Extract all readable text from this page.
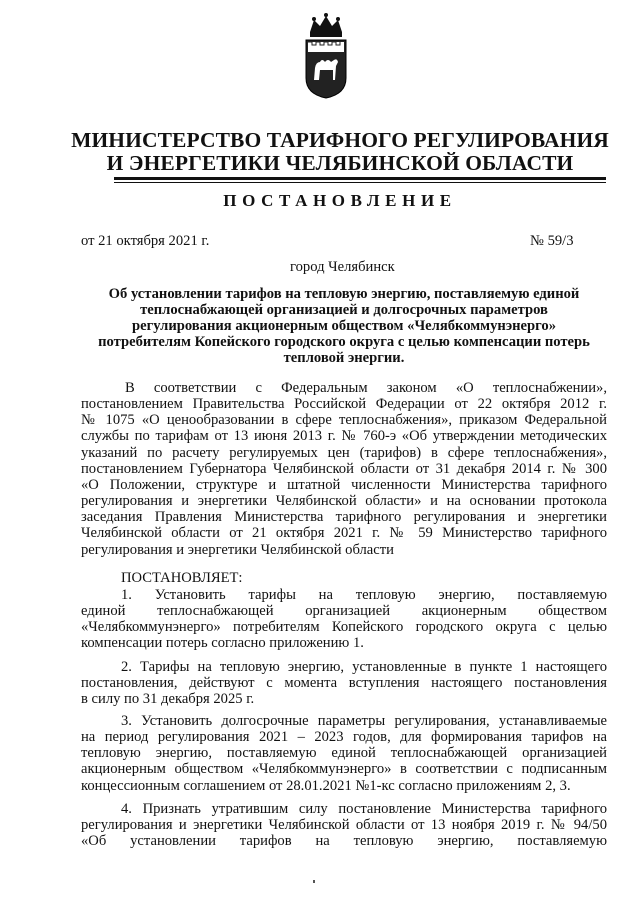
МИНИСТЕРСТВО ТАРИФНОГО РЕГУЛИРОВАНИЯ
И ЭНЕРГЕТИКИ ЧЕЛЯБИНСКОЙ ОБЛАСТИ
ПОСТАНОВЛЕНИЕ
от 21 октября 2021 г.	№ 59/3
город Челябинск
Об установлении тарифов на тепловую энергию, поставляемую единой
теплоснабжающей организацией и долгосрочных параметров
регулирования акционерным обществом «Челябкоммунэнерго»
потребителям Копейского городского округа с целью компенсации потерь
тепловой энергии.
В соответствии с Федеральным законом «О теплоснабжении»,
постановлением Правительства Российской Федерации от 22 октября 2012 г.
№ 1075 «О ценообразовании в сфере теплоснабжения», приказом Федеральной
службы по тарифам от 13 июня 2013 г. № 760-э «Об утверждении методических
указаний по расчету регулируемых цен (тарифов) в сфере теплоснабжения»,
постановлением Губернатора Челябинской области от 31 декабря 2014 г. № 300
«О Положении, структуре и штатной численности Министерства тарифного
регулирования и энергетики Челябинской области» и на основании протокола
заседания Правления Министерства тарифного регулирования и энергетики
Челябинской области от 21 октября 2021 г. № 59 Министерство тарифного
регулирования и энергетики Челябинской области
ПОСТАНОВЛЯЕТ:
1. Установить тарифы на тепловую энергию, поставляемую
единой теплоснабжающей организацией акционерным обществом
«Челябкоммунэнерго» потребителям Копейского городского округа с целью
компенсации потерь согласно приложению 1.
2. Тарифы на тепловую энергию, установленные в пункте 1 настоящего
постановления, действуют с момента вступления настоящего постановления
в силу по 31 декабря 2025 г.
3. Установить долгосрочные параметры регулирования, устанавливаемые
на период регулирования 2021 – 2023 годов, для формирования тарифов на
тепловую энергию, поставляемую единой теплоснабжающей организацией
акционерным обществом «Челябкоммунэнерго» в соответствии с подписанным
концессионным соглашением от 28.01.2021 №1-кс согласно приложениям 2, 3.
4. Признать утратившим силу постановление Министерства тарифного
регулирования и энергетики Челябинской области от 13 ноября 2019 г. № 94/50
«Об установлении тарифов на тепловую энергию, поставляемую
